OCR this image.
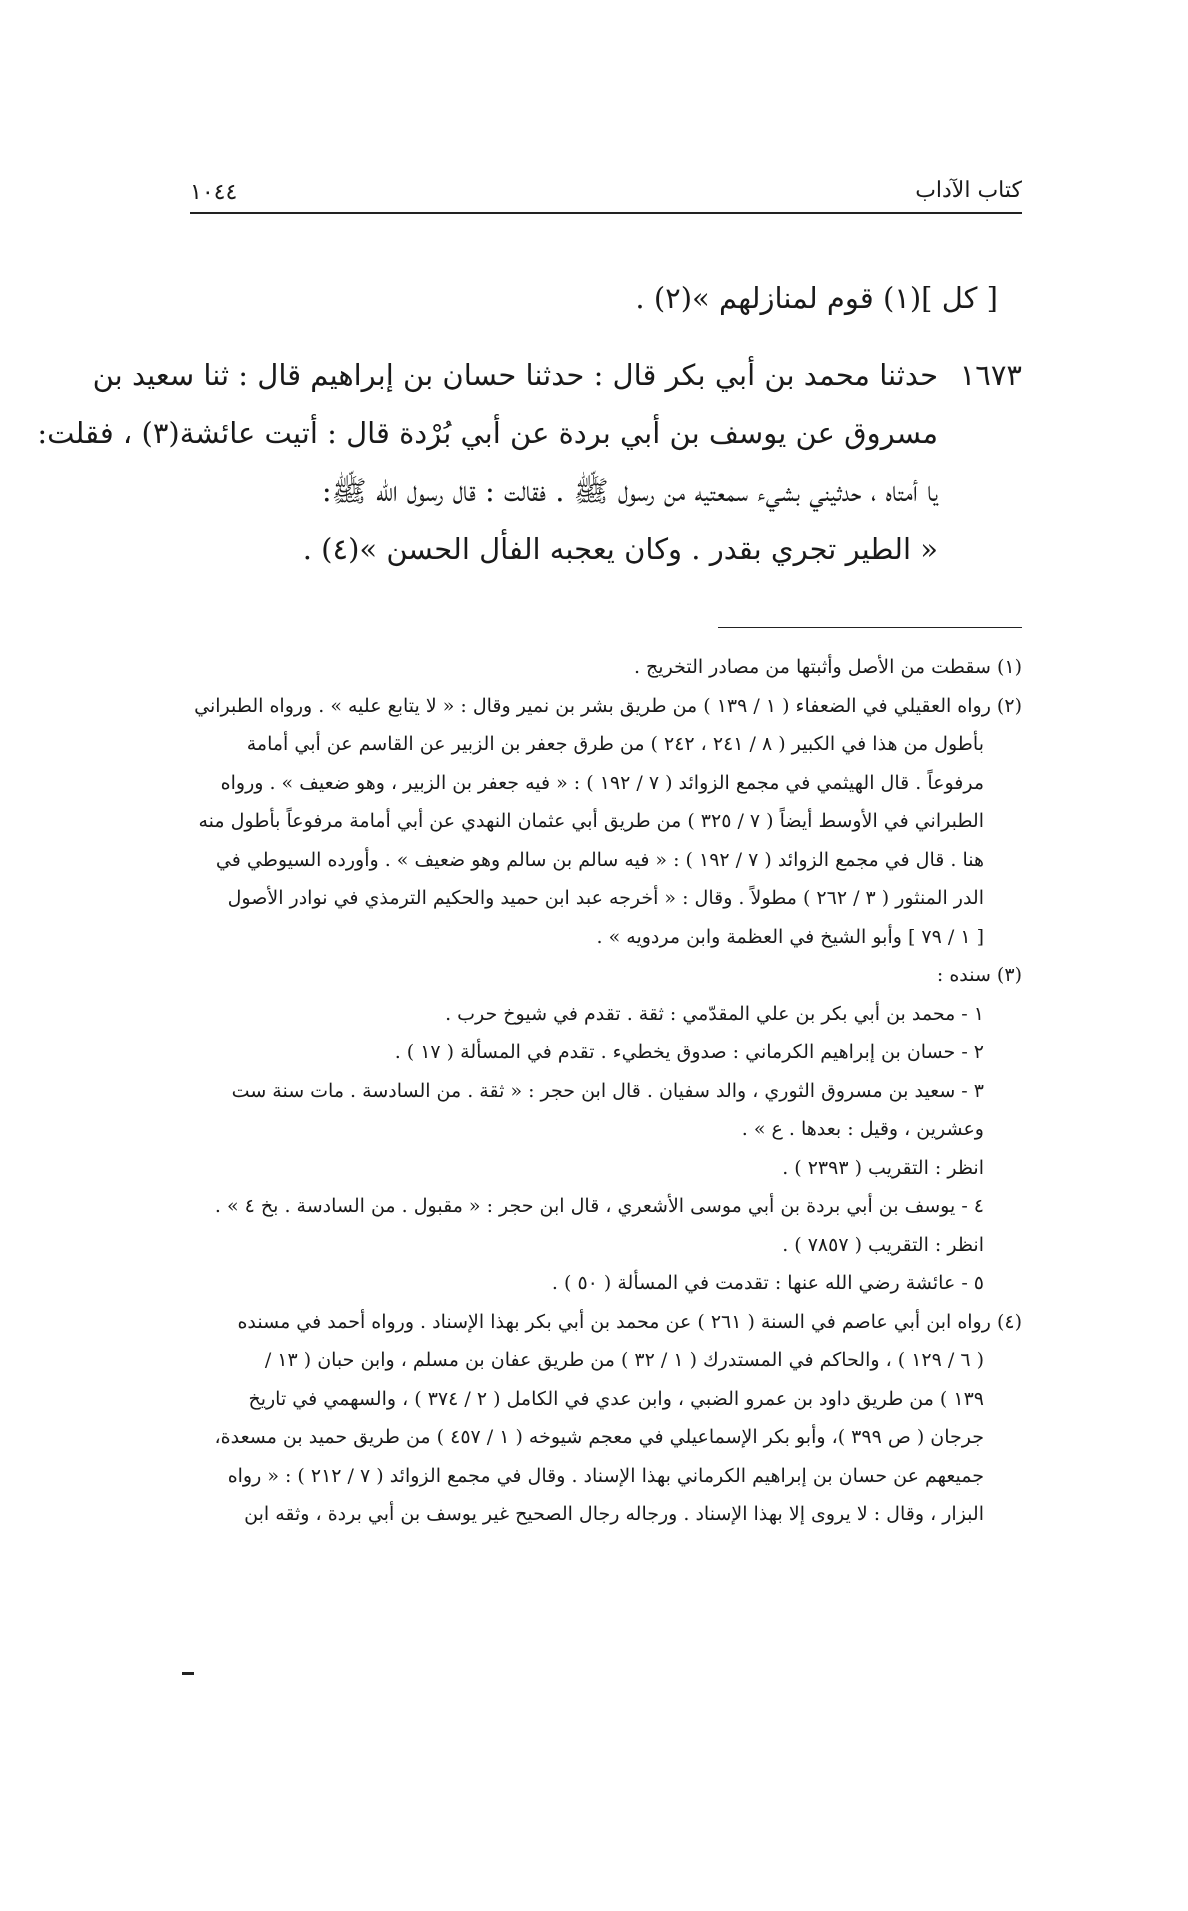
كتاب الآداب
١٠٤٤
[ كل ](١) قوم لمنازلهم »(٢) .
١٦٧٣حدثنا محمد بن أبي بكر قال : حدثنا حسان بن إبراهيم قال : ثنا سعيد بن
مسروق عن يوسف بن أبي بردة عن أبي بُرْدة قال : أتيت عائشة(٣) ، فقلت:
يا أمتاه ، حدثيني بشيء سمعتيه من رسول ﷺ . فقالت : قال رسول الله ﷺ:
« الطير تجري بقدر . وكان يعجبه الفأل الحسن »(٤) .
(١) سقطت من الأصل وأثبتها من مصادر التخريج .
(٢) رواه العقيلي في الضعفاء ( ١ / ١٣٩ ) من طريق بشر بن نمير وقال : « لا يتابع عليه » . ورواه الطبراني
بأطول من هذا في الكبير ( ٨ / ٢٤١ ، ٢٤٢ ) من طرق جعفر بن الزبير عن القاسم عن أبي أمامة
مرفوعاً . قال الهيثمي في مجمع الزوائد ( ٧ / ١٩٢ ) : « فيه جعفر بن الزبير ، وهو ضعيف » . ورواه
الطبراني في الأوسط أيضاً ( ٧ / ٣٢٥ ) من طريق أبي عثمان النهدي عن أبي أمامة مرفوعاً بأطول منه
هنا . قال في مجمع الزوائد ( ٧ / ١٩٢ ) : « فيه سالم بن سالم وهو ضعيف » . وأورده السيوطي في
الدر المنثور ( ٣ / ٢٦٢ ) مطولاً . وقال : « أخرجه عبد ابن حميد والحكيم الترمذي في نوادر الأصول
[ ١ / ٧٩ ] وأبو الشيخ في العظمة وابن مردويه » .
(٣) سنده :
١ - محمد بن أبي بكر بن علي المقدّمي : ثقة . تقدم في شيوخ حرب .
٢ - حسان بن إبراهيم الكرماني : صدوق يخطيء . تقدم في المسألة ( ١٧ ) .
٣ - سعيد بن مسروق الثوري ، والد سفيان . قال ابن حجر : « ثقة . من السادسة . مات سنة ست
وعشرين ، وقيل : بعدها . ع » .
انظر : التقريب ( ٢٣٩٣ ) .
٤ - يوسف بن أبي بردة بن أبي موسى الأشعري ، قال ابن حجر : « مقبول . من السادسة . بخ ٤ » .
انظر : التقريب ( ٧٨٥٧ ) .
٥ - عائشة رضي الله عنها : تقدمت في المسألة ( ٥٠ ) .
(٤) رواه ابن أبي عاصم في السنة ( ٢٦١ ) عن محمد بن أبي بكر بهذا الإسناد . ورواه أحمد في مسنده
( ٦ / ١٢٩ ) ، والحاكم في المستدرك ( ١ / ٣٢ ) من طريق عفان بن مسلم ، وابن حبان ( ١٣ /
١٣٩ ) من طريق داود بن عمرو الضبي ، وابن عدي في الكامل ( ٢ / ٣٧٤ ) ، والسهمي في تاريخ
جرجان ( ص ٣٩٩ )، وأبو بكر الإسماعيلي في معجم شيوخه ( ١ / ٤٥٧ ) من طريق حميد بن مسعدة،
جميعهم عن حسان بن إبراهيم الكرماني بهذا الإسناد . وقال في مجمع الزوائد ( ٧ / ٢١٢ ) : « رواه
البزار ، وقال : لا يروى إلا بهذا الإسناد . ورجاله رجال الصحيح غير يوسف بن أبي بردة ، وثقه ابن
